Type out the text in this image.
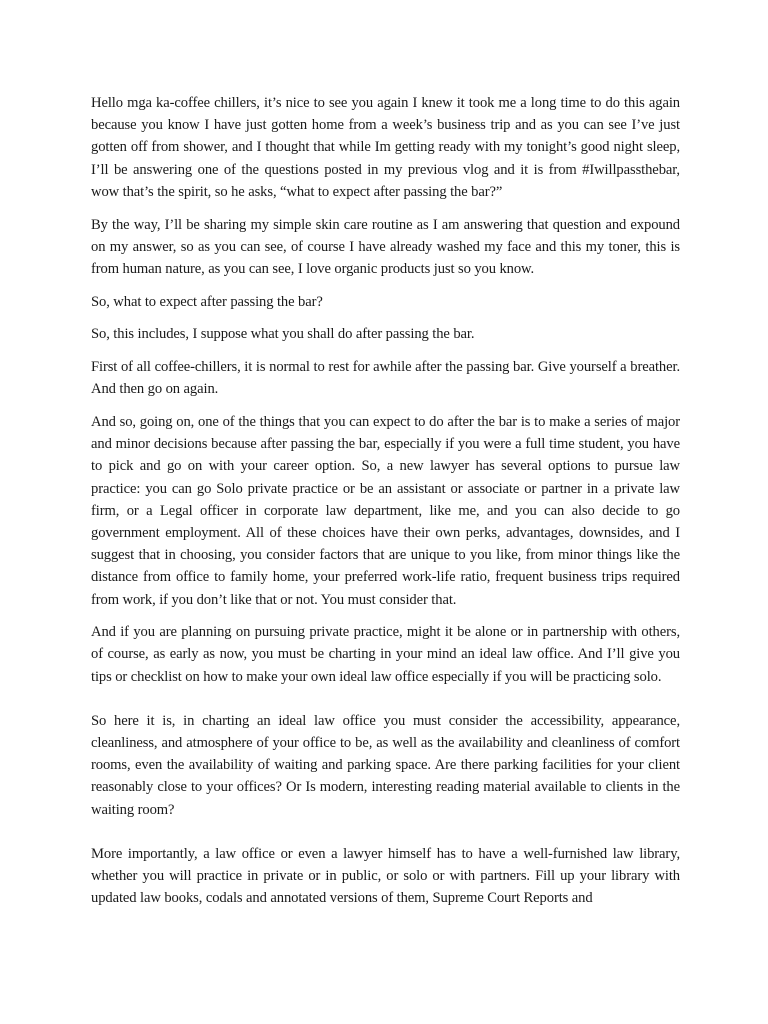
Hello mga ka-coffee chillers, it’s nice to see you again I knew it took me a long time to do this again because you know I have just gotten home from a week’s business trip and as you can see I’ve just gotten off from shower, and I thought that while Im getting ready with my tonight’s good night sleep, I’ll be answering one of the questions posted in my previous vlog and it is from #Iwillpassthebar, wow that’s the spirit, so he asks, “what to expect after passing the bar?”

By the way, I’ll be sharing my simple skin care routine as I am answering that question and expound on my answer, so as you can see, of course I have already washed my face and this my toner, this is from human nature, as you can see, I love organic products just so you know.

So, what to expect after passing the bar?

So, this includes, I suppose what you shall do after passing the bar.

First of all coffee-chillers, it is normal to rest for awhile after the passing bar. Give yourself a breather. And then go on again.

And so, going on, one of the things that you can expect to do after the bar is to make a series of major and minor decisions because after passing the bar, especially if you were a full time student, you have to pick and go on with your career option. So, a new lawyer has several options to pursue law practice: you can go Solo private practice or be an assistant or associate or partner in a private law firm, or a Legal officer in corporate law department, like me, and you can also decide to go government employment. All of these choices have their own perks, advantages, downsides, and I suggest that in choosing, you consider factors that are unique to you like, from minor things like the distance from office to family home, your preferred work-life ratio, frequent business trips required from work, if you don’t like that or not. You must consider that.

And if you are planning on pursuing private practice, might it be alone or in partnership with others, of course, as early as now, you must be charting in your mind an ideal law office. And I’ll give you tips or checklist on how to make your own ideal law office especially if you will be practicing solo.

So here it is, in charting an ideal law office you must consider the accessibility, appearance, cleanliness, and atmosphere of your office to be, as well as the availability and cleanliness of comfort rooms, even the availability of waiting and parking space. Are there parking facilities for your client reasonably close to your offices? Or Is modern, interesting reading material available to clients in the waiting room?

More importantly, a law office or even a lawyer himself has to have a well-furnished law library, whether you will practice in private or in public, or solo or with partners. Fill up your library with updated law books, codals and annotated versions of them, Supreme Court Reports and
